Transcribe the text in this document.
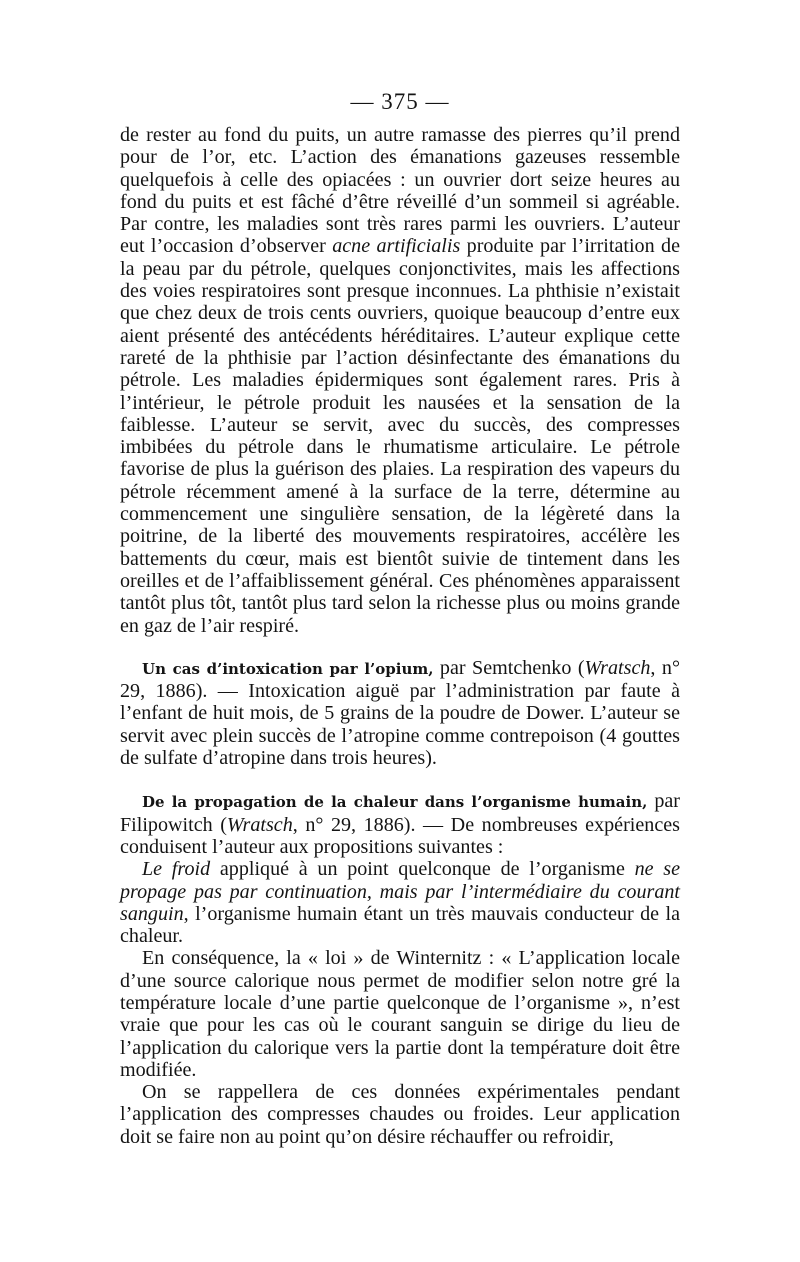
— 375 —

de rester au fond du puits, un autre ramasse des pierres qu’il prend pour de l’or, etc. L’action des émanations gazeuses ressemble quelquefois à celle des opiacées : un ouvrier dort seize heures au fond du puits et est fâché d’être réveillé d’un sommeil si agréable. Par contre, les maladies sont très rares parmi les ouvriers. L’auteur eut l’occasion d’observer acne artificialis produite par l’irritation de la peau par du pétrole, quelques conjonctivites, mais les affections des voies respiratoires sont presque inconnues. La phthisie n’existait que chez deux de trois cents ouvriers, quoique beaucoup d’entre eux aient présenté des antécédents héréditaires. L’auteur explique cette rareté de la phthisie par l’action désinfectante des émanations du pétrole. Les maladies épidermiques sont également rares. Pris à l’intérieur, le pétrole produit les nausées et la sensation de la faiblesse. L’auteur se servit, avec du succès, des compresses imbibées du pétrole dans le rhumatisme articulaire. Le pétrole favorise de plus la guérison des plaies. La respiration des vapeurs du pétrole récemment amené à la surface de la terre, détermine au commencement une singulière sensation, de la légèreté dans la poitrine, de la liberté des mouvements respiratoires, accélère les battements du cœur, mais est bientôt suivie de tintement dans les oreilles et de l’affaiblissement général. Ces phénomènes apparaissent tantôt plus tôt, tantôt plus tard selon la richesse plus ou moins grande en gaz de l’air respiré.

Un cas d’intoxication par l’opium, par Semtchenko (Wratsch, n° 29, 1886). — Intoxication aiguë par l’administration par faute à l’enfant de huit mois, de 5 grains de la poudre de Dower. L’auteur se servit avec plein succès de l’atropine comme contrepoison (4 gouttes de sulfate d’atropine dans trois heures).

De la propagation de la chaleur dans l’organisme humain, par Filipowitch (Wratsch, n° 29, 1886). — De nombreuses expériences conduisent l’auteur aux propositions suivantes :

Le froid appliqué à un point quelconque de l’organisme ne se propage pas par continuation, mais par l’intermédiaire du courant sanguin, l’organisme humain étant un très mauvais conducteur de la chaleur.

En conséquence, la « loi » de Winternitz : « L’application locale d’une source calorique nous permet de modifier selon notre gré la température locale d’une partie quelconque de l’organisme », n’est vraie que pour les cas où le courant sanguin se dirige du lieu de l’application du calorique vers la partie dont la température doit être modifiée.

On se rappellera de ces données expérimentales pendant l’application des compresses chaudes ou froides. Leur application doit se faire non au point qu’on désire réchauffer ou refroidir,
